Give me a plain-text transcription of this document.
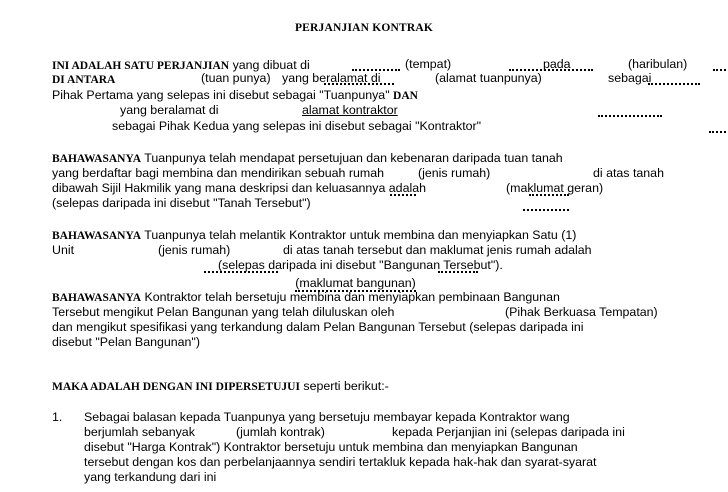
PERJANJIAN KONTRAK
INI ADALAH SATU PERJANJIAN yang dibuat di
	(tempat)
	pada
	(haribulan)
DI ANTARA
	(tuan punya) yang beralamat di
	(alamat tuanpunya)
	sebagai
Pihak Pertama yang selepas ini disebut sebagai "Tuanpunya" DAN

yang beralamat di
	alamat kontraktor

sebagai Pihak Kedua yang selepas ini disebut sebagai "Kontraktor"
BAHAWASANYA Tuanpunya telah mendapat persetujuan dan kebenaran daripada tuan tanah
yang berdaftar bagi membina dan mendirikan sebuah rumah
	(jenis rumah)
	di atas tanah
dibawah Sijil Hakmilik yang mana deskripsi dan keluasannya adalah
	(maklumat geran)
(selepas daripada ini disebut "Tanah Tersebut")
BAHAWASANYA Tuanpunya telah melantik Kontraktor untuk membina dan menyiapkan Satu (1)
Unit
	(jenis rumah)
	di atas tanah tersebut dan maklumat jenis rumah adalah
(maklumat bangunan)
(selepas daripada ini disebut "Bangunan Tersebut").
BAHAWASANYA Kontraktor telah bersetuju membina dan menyiapkan pembinaan Bangunan
Tersebut mengikut Pelan Bangunan yang telah diluluskan oleh	(Pihak Berkuasa Tempatan)
dan mengikut spesifikasi yang terkandung dalam Pelan Bangunan Tersebut (selepas daripada ini
disebut "Pelan Bangunan")
MAKA ADALAH DENGAN INI DIPERSETUJUI seperti berikut:-
1. Sebagai balasan kepada Tuanpunya yang bersetuju membayar kepada Kontraktor wang
berjumlah sebanyak	(jumlah kontrak)	kepada Perjanjian ini (selepas daripada ini
disebut "Harga Kontrak") Kontraktor bersetuju untuk membina dan menyiapkan Bangunan
tersebut dengan kos dan perbelanjaannya sendiri tertakluk kepada hak-hak dan syarat-syarat
yang terkandung dari ini
